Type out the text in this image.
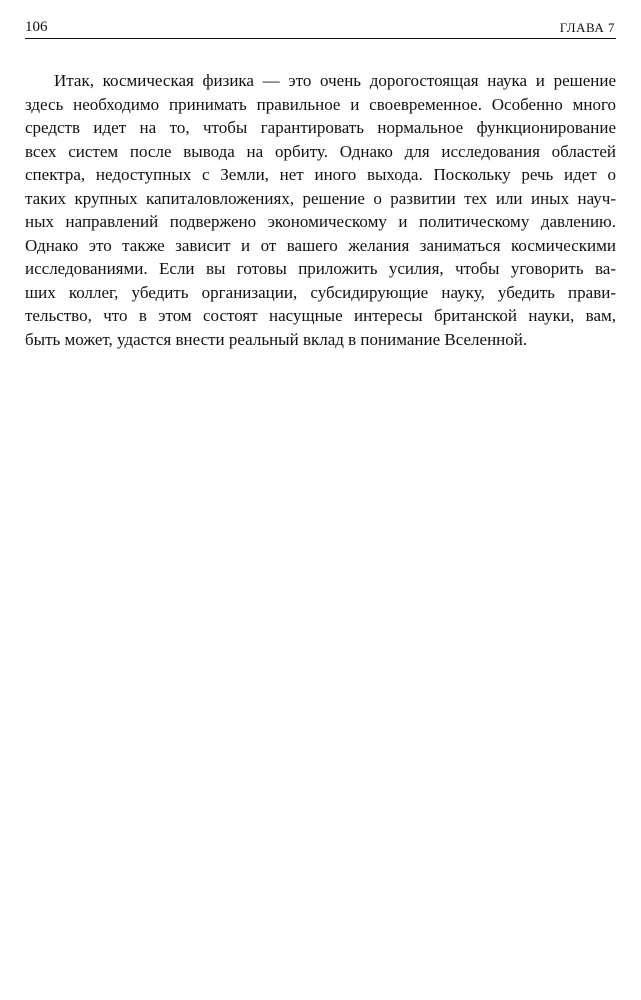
106	ГЛАВА 7
Итак, космическая физика — это очень дорогостоящая наука и решение
здесь необходимо принимать правильное и своевременное. Особенно много
средств идет на то, чтобы гарантировать нормальное функционирование
всех систем после вывода на орбиту. Однако для исследования областей
спектра, недоступных с Земли, нет иного выхода. Поскольку речь идет о
таких крупных капиталовложениях, решение о развитии тех или иных науч-
ных направлений подвержено экономическому и политическому давлению.
Однако это также зависит и от вашего желания заниматься космическими
исследованиями. Если вы готовы приложить усилия, чтобы уговорить ва-
ших коллег, убедить организации, субсидирующие науку, убедить прави-
тельство, что в этом состоят насущные интересы британской науки, вам,
быть может, удастся внести реальный вклад в понимание Вселенной.
